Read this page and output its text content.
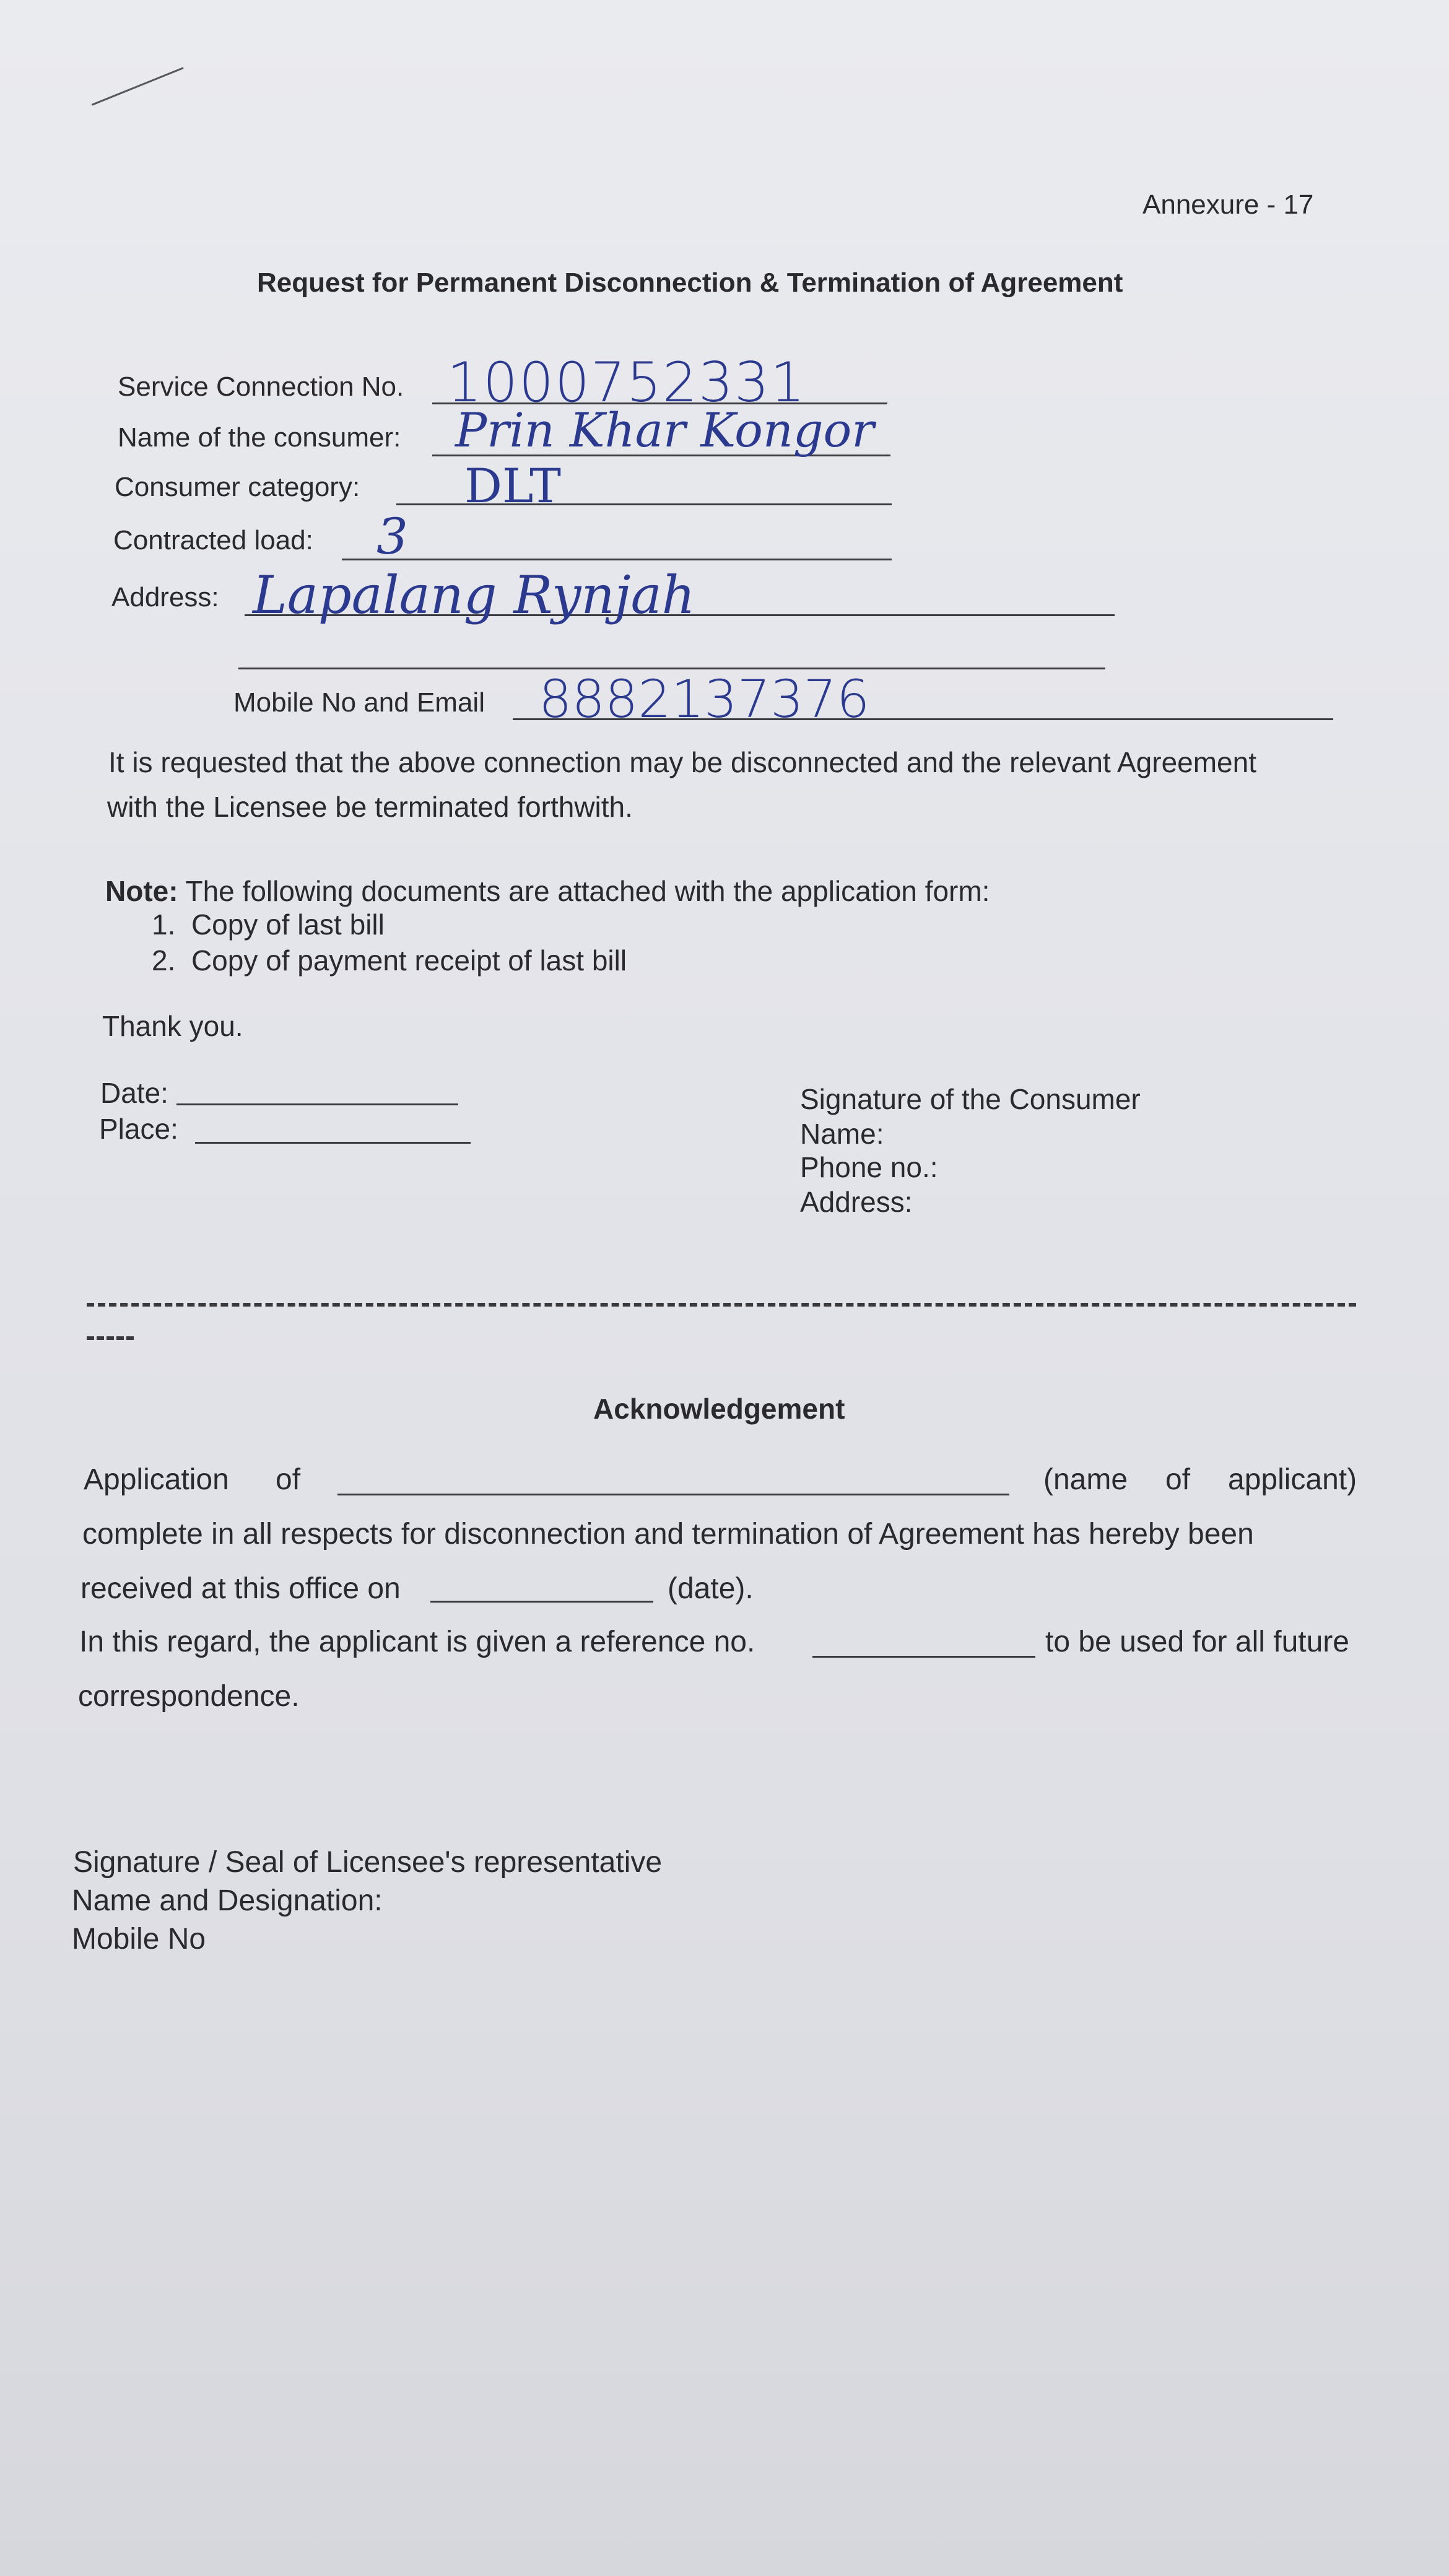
Annexure - 17
Request for Permanent Disconnection & Termination of Agreement
Service Connection No. 1000752331
Name of the consumer: Prin Khar Kongor
Consumer category: DLT
Contracted load: 3
Address: Lapalang Rynjah
Mobile No and Email 8882137376
It is requested that the above connection may be disconnected and the relevant Agreement
with the Licensee be terminated forthwith.
Note: The following documents are attached with the application form:
1.  Copy of last bill
2.  Copy of payment receipt of last bill
Thank you.
Date:
Place:
Signature of the Consumer
Name:
Phone no.:
Address:
Acknowledgement
Application of	(name of applicant)
complete in all respects for disconnection and termination of Agreement has hereby been
received at this office on	(date).
In this regard, the applicant is given a reference no.	to be used for all future
correspondence.
Signature / Seal of Licensee's representative
Name and Designation:
Mobile No
